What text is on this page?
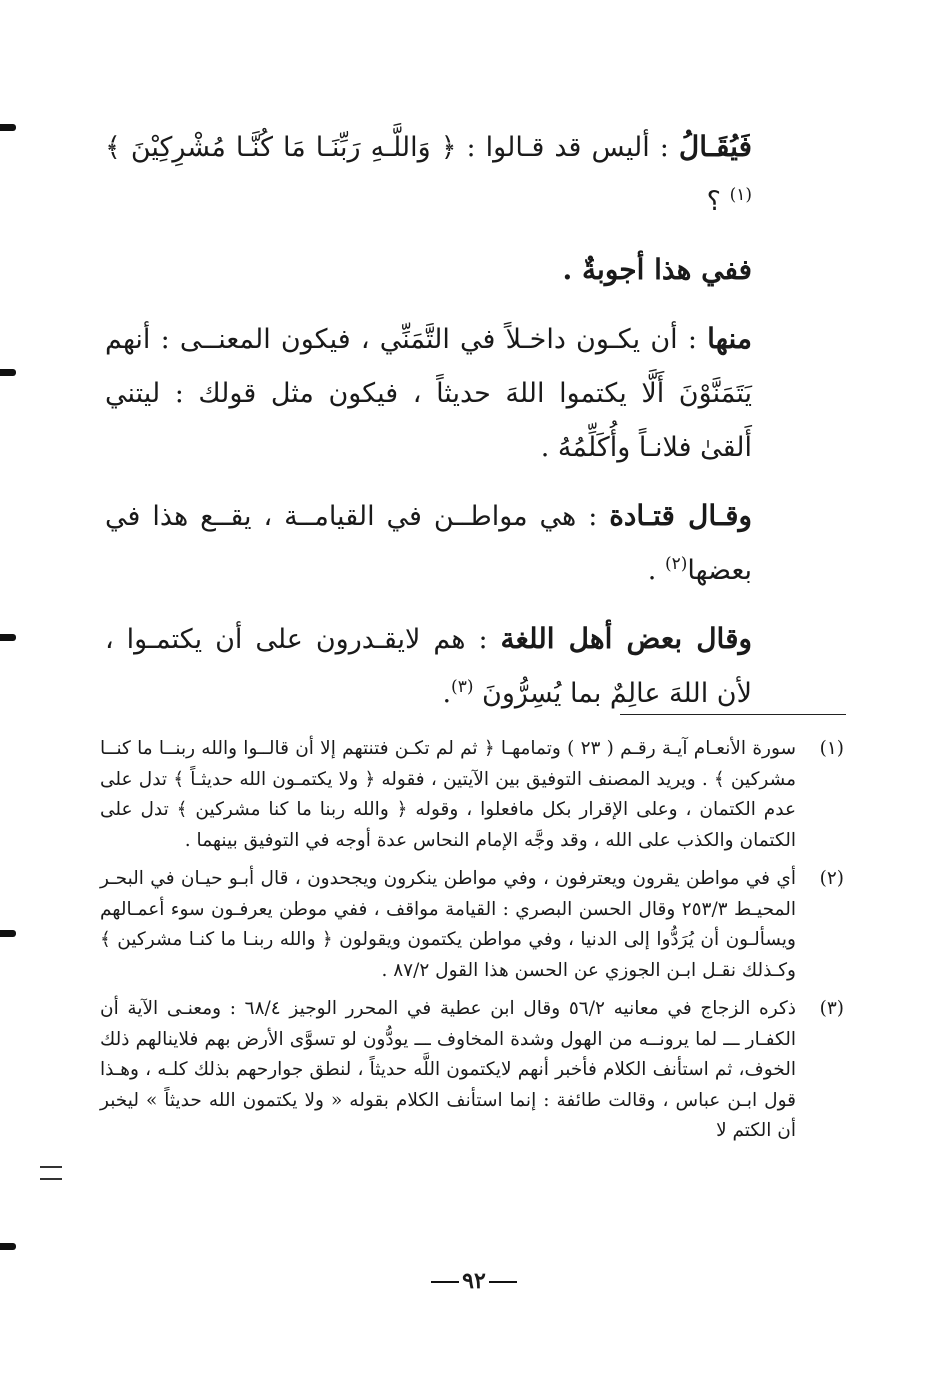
فَيُقَـالُ : أليس قد قـالوا : ﴿ وَاللَّـهِ رَبِّنَـا مَا كُنَّـا مُشْرِكِيْنَ ﴾$^{(١)}$ ؟

ففي هذا أجوبةٌ .

منها : أن يكـون داخـلاً في التَّمَنِّي ، فيكون المعنــى : أنهم يَتَمَنَّوْنَ أَلَّا يكتموا اللهَ حديثاً ، فيكون مثل قولك : ليتني أَلقىٰ فلانـاً وأُكَلِّمُهُ .

وقـال قتـادة : هي مواطــن في القيامــة ، يقــع هذا في بعضها$^{(٢)}$ .

وقال بعض أهل اللغة : هم لايقـدرون على أن يكتمـوا ، لأن اللهَ عالِمٌ بما يُسِرُّونَ $^{(٣)}$.

(١)
سورة الأنعـام آيـة رقـم ( ٢٣ ) وتمامهـا ﴿ ثم لم تكـن فتنتهم إلا أن قالــوا والله ربنــا ما كنــا مشركين ﴾ . ويريد المصنف التوفيق بين الآيتين ، فقوله ﴿ ولا يكتمـون الله حديثـاً ﴾ تدل على عدم الكتمان ، وعلى الإقرار بكل مافعلوا ، وقوله ﴿ والله ربنا ما كنا مشركين ﴾ تدل على الكتمان والكذب على الله ، وقد وجَّه الإمام النحاس عدة أوجه في التوفيق بينهما .
(٢)
أي في مواطن يقرون ويعترفون ، وفي مواطن ينكرون ويجحدون ، قال أبـو حيـان في البحـر المحيـط ٢٥٣/٣ وقال الحسن البصري : القيامة مواقف ، ففي موطن يعرفـون سوء أعمـالهم ويسألـون أن يُرَدُّوا إلى الدنيا ، وفي مواطن يكتمون ويقولون ﴿ والله ربنـا ما كنـا مشركين ﴾ وكـذلك نقـل ابـن الجوزي عن الحسن هذا القول ٨٧/٢ .
(٣)
ذكره الزجاج في معانيه ٥٦/٢ وقال ابن عطية في المحرر الوجيز ٦٨/٤ : ومعنـى الآية أن الكفـار ـــ لما يرونــه من الهول وشدة المخاوف ـــ يودُّون لو تسوَّى الأرض بهم فلاينالهم ذلك الخوف، ثم استأنف الكلام فأخبر أنهم لايكتمون اللَّه حديثاً ، لنطق جوارحهم بذلك كلـه ، وهـذا قول ابـن عباس ، وقالت طائفة : إنما استأنف الكلام بقوله « ولا يكتمون الله حديثاً » ليخبر أن الكتم لا
٩٢
